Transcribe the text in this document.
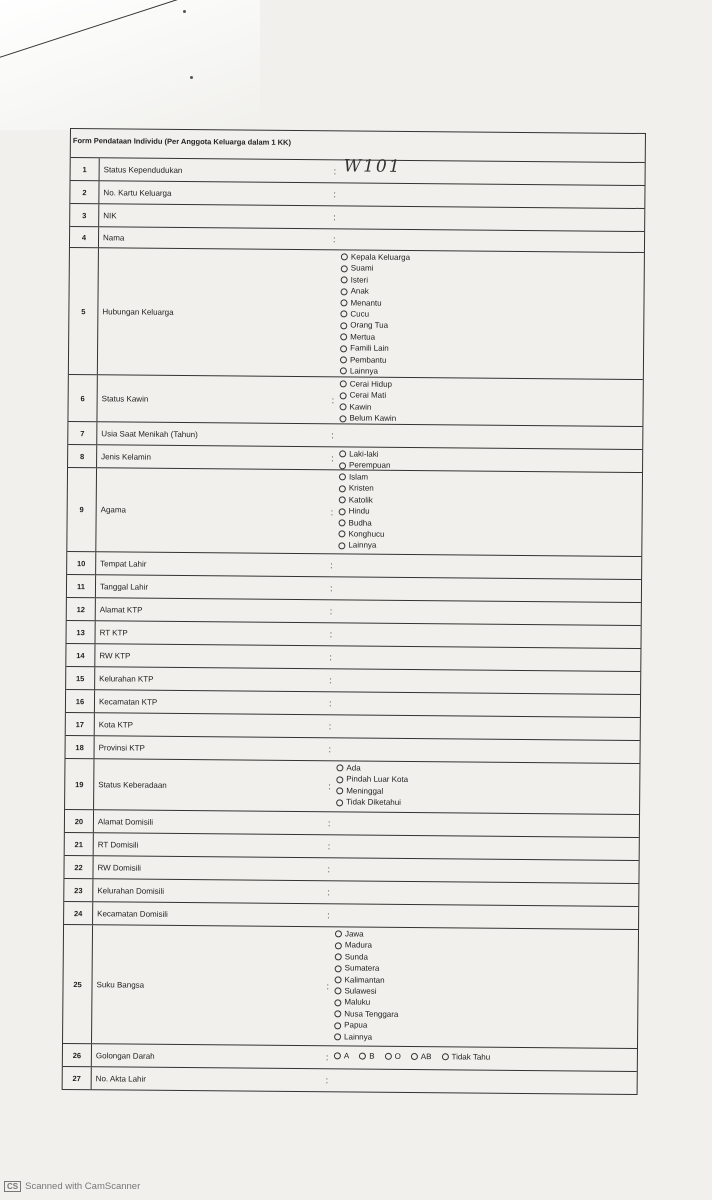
Form Pendataan Individu (Per Anggota Keluarga dalam 1 KK)
1	Status Kependudukan	: W101
2	No. Kartu Keluarga	:
3	NIK	:
4	Nama	:
5	Hubungan Keluarga
Kepala Keluarga
Suami
Isteri
Anak
Menantu
Cucu
Orang Tua
Mertua
Famili Lain
Pembantu
Lainnya
6	Status Kawin	:
Cerai Hidup
Cerai Mati
Kawin
Belum Kawin
7	Usia Saat Menikah (Tahun)	:
8	Jenis Kelamin	:	Laki-laki
Perempuan
9	Agama	:
Islam
Kristen
Katolik
Hindu
Budha
Konghucu
Lainnya
10	Tempat Lahir	:
11	Tanggal Lahir	:
12	Alamat KTP	:
13	RT KTP	:
14	RW KTP	:
15	Kelurahan KTP	:
16	Kecamatan KTP	:
17	Kota KTP	:
18	Provinsi KTP	:
19	Status Keberadaan	:
Ada
Pindah Luar Kota
Meninggal
Tidak Diketahui
20	Alamat Domisili	:
21	RT Domisili	:
22	RW Domisili	:
23	Kelurahan Domisili	:
24	Kecamatan Domisili	:
25	Suku Bangsa	:
Jawa
Madura
Sunda
Sumatera
Kalimantan
Sulawesi
Maluku
Nusa Tenggara
Papua
Lainnya
26	Golongan Darah	:	A	B	O	AB	Tidak Tahu
27	No. Akta Lahir	:
CS Scanned with CamScanner
